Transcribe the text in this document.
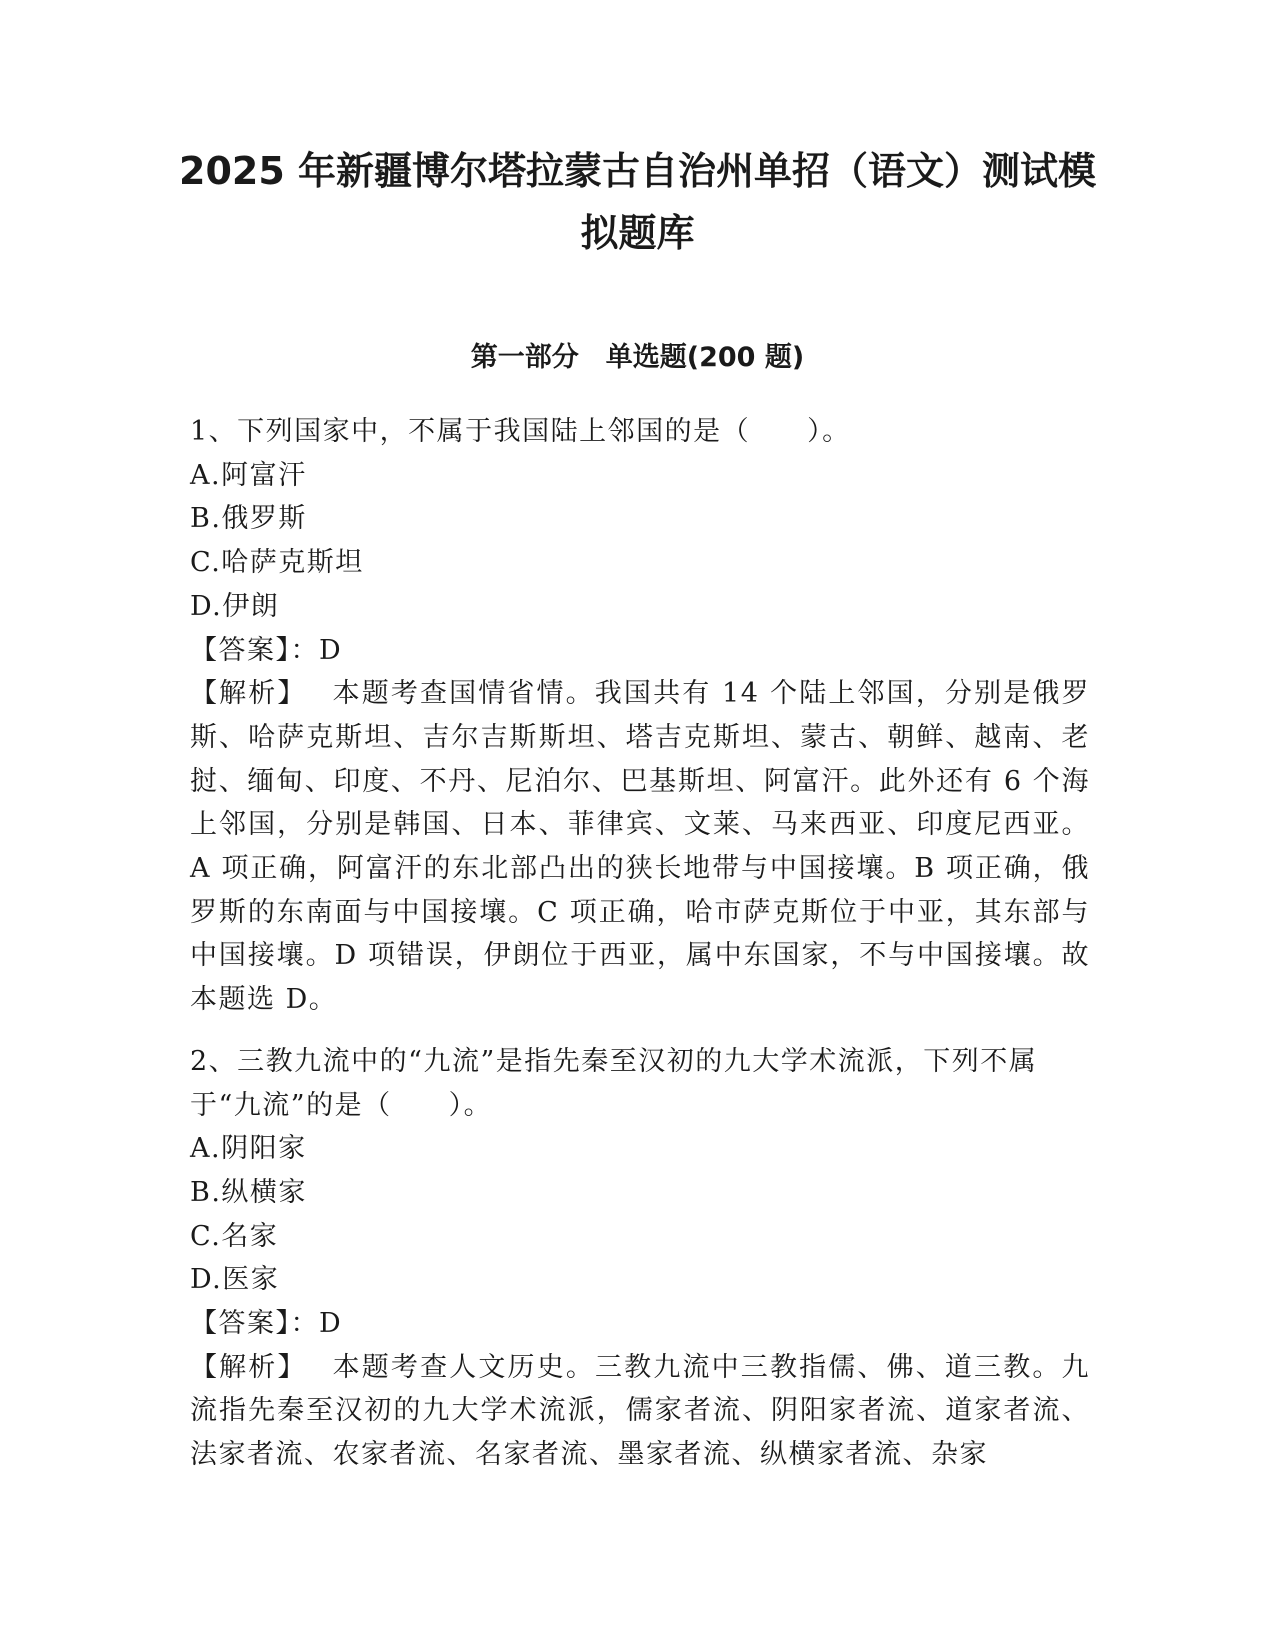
2025 年新疆博尔塔拉蒙古自治州单招（语文）测试模
拟题库
第一部分　单选题(200 题)

1、下列国家中，不属于我国陆上邻国的是（　　）。

A.阿富汗

B.俄罗斯

C.哈萨克斯坦

D.伊朗

【答案】：D

【解析】 本题考查国情省情。我国共有 14 个陆上邻国，分别是俄罗斯、哈萨克斯坦、吉尔吉斯斯坦、塔吉克斯坦、蒙古、朝鲜、越南、老挝、缅甸、印度、不丹、尼泊尔、巴基斯坦、阿富汗。此外还有 6 个海上邻国，分别是韩国、日本、菲律宾、文莱、马来西亚、印度尼西亚。A 项正确，阿富汗的东北部凸出的狭长地带与中国接壤。B 项正确，俄罗斯的东南面与中国接壤。C 项正确，哈市萨克斯位于中亚，其东部与中国接壤。D 项错误，伊朗位于西亚，属中东国家，不与中国接壤。故本题选 D。

2、三教九流中的“九流”是指先秦至汉初的九大学术流派，下列不属于“九流”的是（　　）。

A.阴阳家

B.纵横家

C.名家

D.医家

【答案】：D

【解析】 本题考查人文历史。三教九流中三教指儒、佛、道三教。九流指先秦至汉初的九大学术流派，儒家者流、阴阳家者流、道家者流、法家者流、农家者流、名家者流、墨家者流、纵横家者流、杂家
